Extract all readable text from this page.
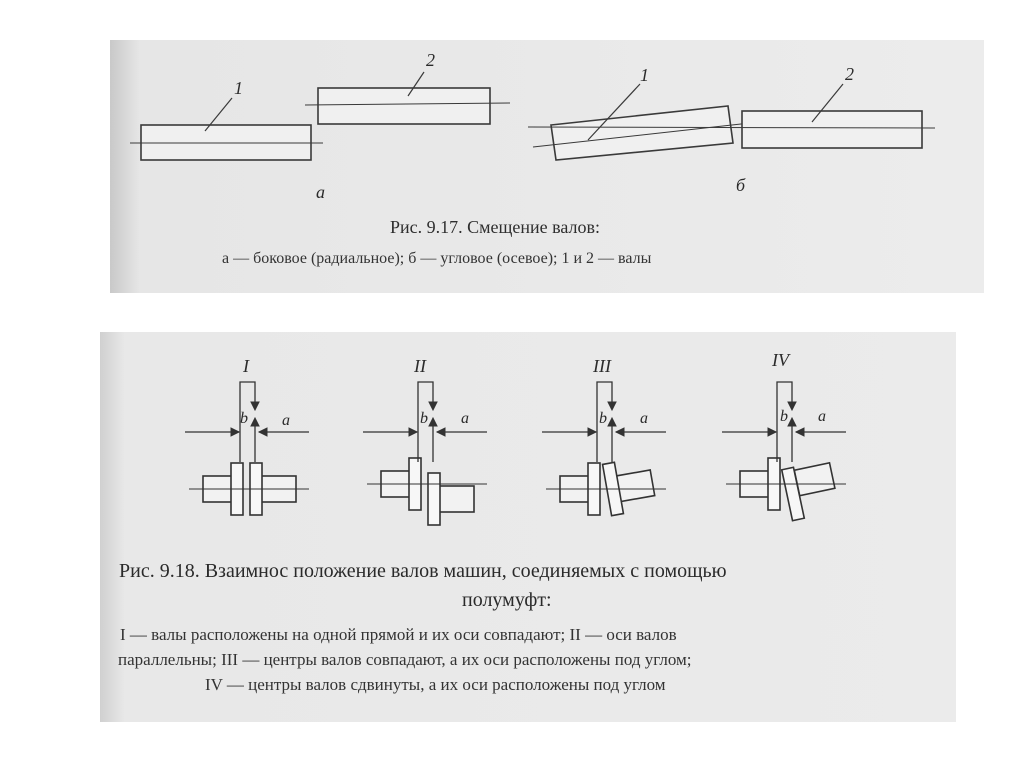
1
2
1	2
а	б
Рис. 9.17. Смещение валов:
а — боковое (радиальное); б — угловое (осевое); 1 и 2 — валы
I	II	III	IV
b a	b a	b a	b a
Рис. 9.18. Взаимнос положение валов машин, соединяемых с помощью
полумуфт:
I — валы расположены на одной прямой и их оси совпадают; II — оси валов
параллельны; III — центры валов совпадают, а их оси расположены под углом;
IV — центры валов сдвинуты, а их оси расположены под углом
